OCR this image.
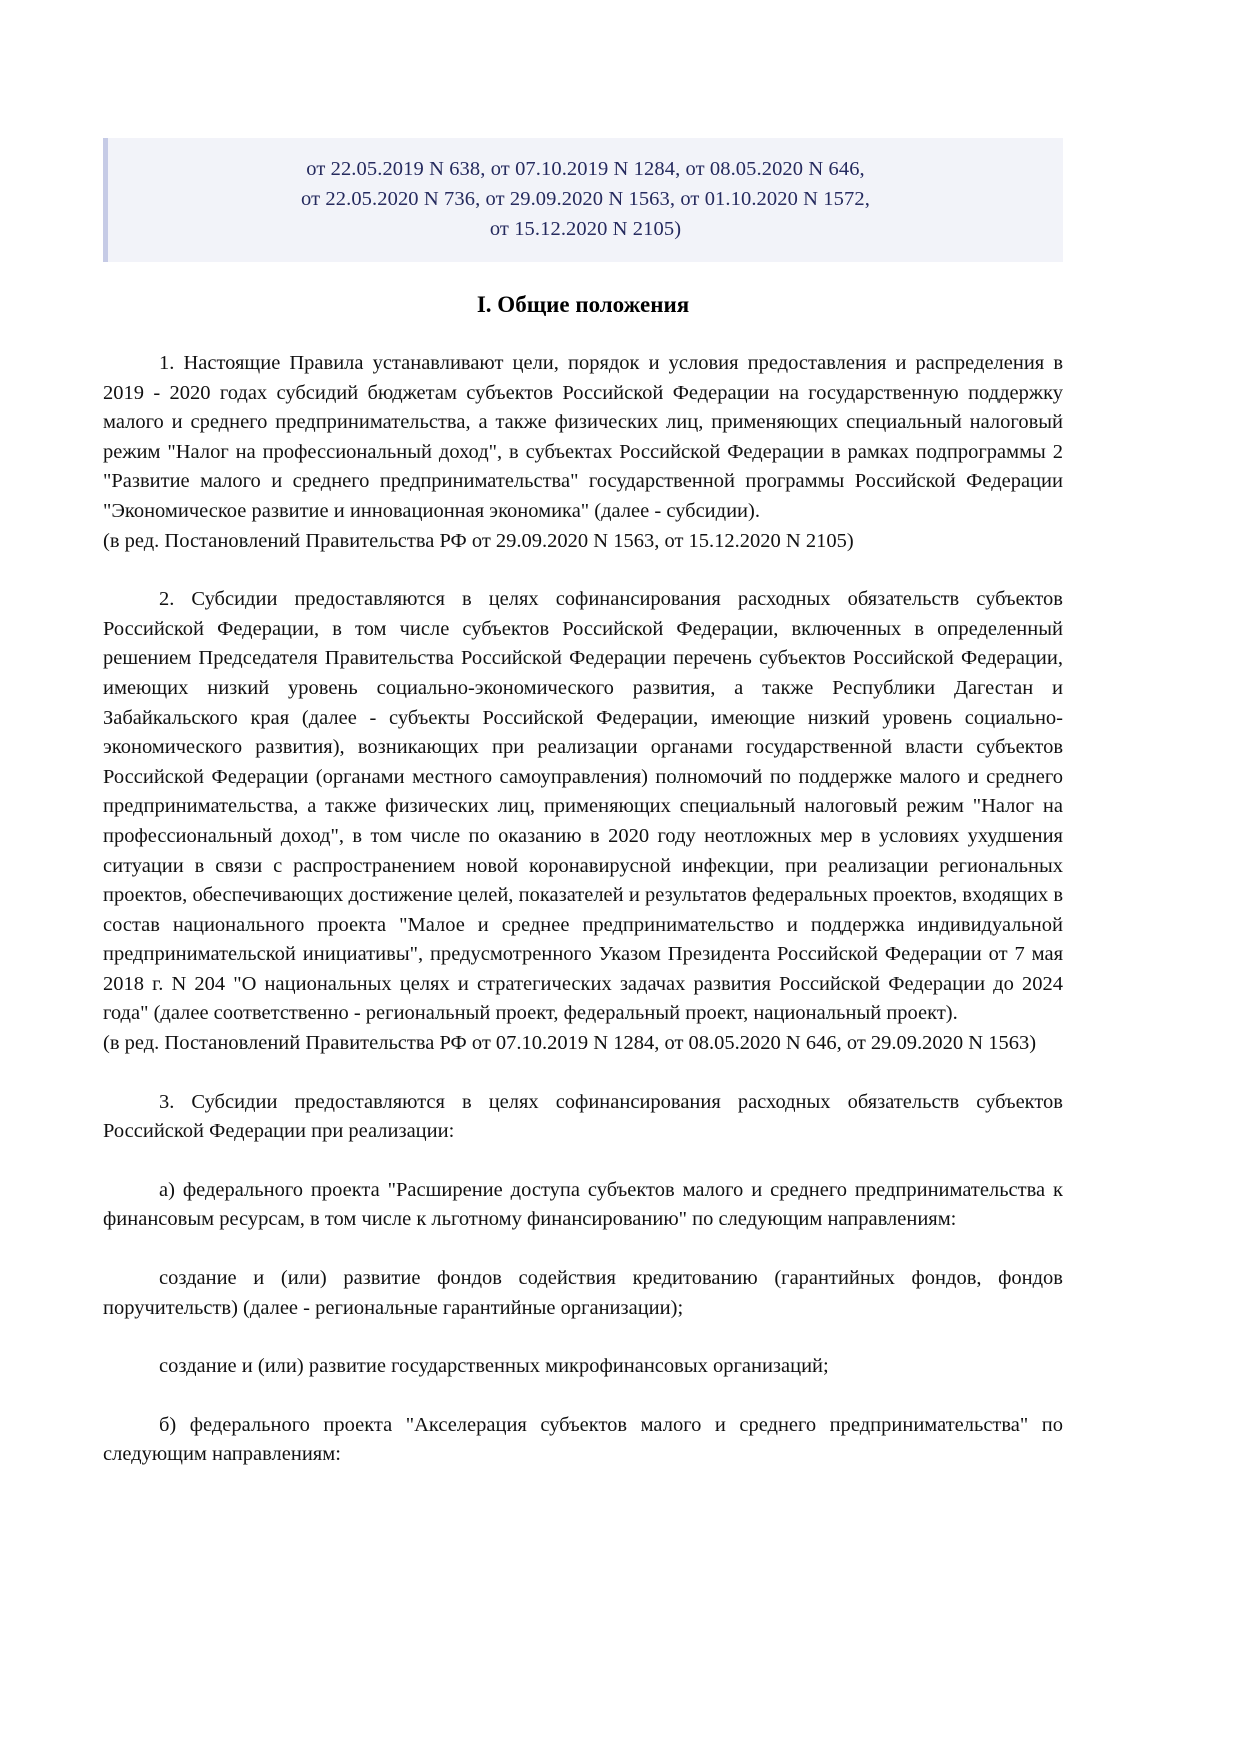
от 22.05.2019 N 638, от 07.10.2019 N 1284, от 08.05.2020 N 646,
от 22.05.2020 N 736, от 29.09.2020 N 1563, от 01.10.2020 N 1572,
от 15.12.2020 N 2105)
I. Общие положения

1. Настоящие Правила устанавливают цели, порядок и условия предоставления и распределения в 2019 - 2020 годах субсидий бюджетам субъектов Российской Федерации на государственную поддержку малого и среднего предпринимательства, а также физических лиц, применяющих специальный налоговый режим "Налог на профессиональный доход", в субъектах Российской Федерации в рамках подпрограммы 2 "Развитие малого и среднего предпринимательства" государственной программы Российской Федерации "Экономическое развитие и инновационная экономика" (далее - субсидии).

(в ред. Постановлений Правительства РФ от 29.09.2020 N 1563, от 15.12.2020 N 2105)

2. Субсидии предоставляются в целях софинансирования расходных обязательств субъектов Российской Федерации, в том числе субъектов Российской Федерации, включенных в определенный решением Председателя Правительства Российской Федерации перечень субъектов Российской Федерации, имеющих низкий уровень социально-экономического развития, а также Республики Дагестан и Забайкальского края (далее - субъекты Российской Федерации, имеющие низкий уровень социально-экономического развития), возникающих при реализации органами государственной власти субъектов Российской Федерации (органами местного самоуправления) полномочий по поддержке малого и среднего предпринимательства, а также физических лиц, применяющих специальный налоговый режим "Налог на профессиональный доход", в том числе по оказанию в 2020 году неотложных мер в условиях ухудшения ситуации в связи с распространением новой коронавирусной инфекции, при реализации региональных проектов, обеспечивающих достижение целей, показателей и результатов федеральных проектов, входящих в состав национального проекта "Малое и среднее предпринимательство и поддержка индивидуальной предпринимательской инициативы", предусмотренного Указом Президента Российской Федерации от 7 мая 2018 г. N 204 "О национальных целях и стратегических задачах развития Российской Федерации до 2024 года" (далее соответственно - региональный проект, федеральный проект, национальный проект).

(в ред. Постановлений Правительства РФ от 07.10.2019 N 1284, от 08.05.2020 N 646, от 29.09.2020 N 1563)

3. Субсидии предоставляются в целях софинансирования расходных обязательств субъектов Российской Федерации при реализации:

а) федерального проекта "Расширение доступа субъектов малого и среднего предпринимательства к финансовым ресурсам, в том числе к льготному финансированию" по следующим направлениям:

создание и (или) развитие фондов содействия кредитованию (гарантийных фондов, фондов поручительств) (далее - региональные гарантийные организации);

создание и (или) развитие государственных микрофинансовых организаций;

б) федерального проекта "Акселерация субъектов малого и среднего предпринимательства" по следующим направлениям:
